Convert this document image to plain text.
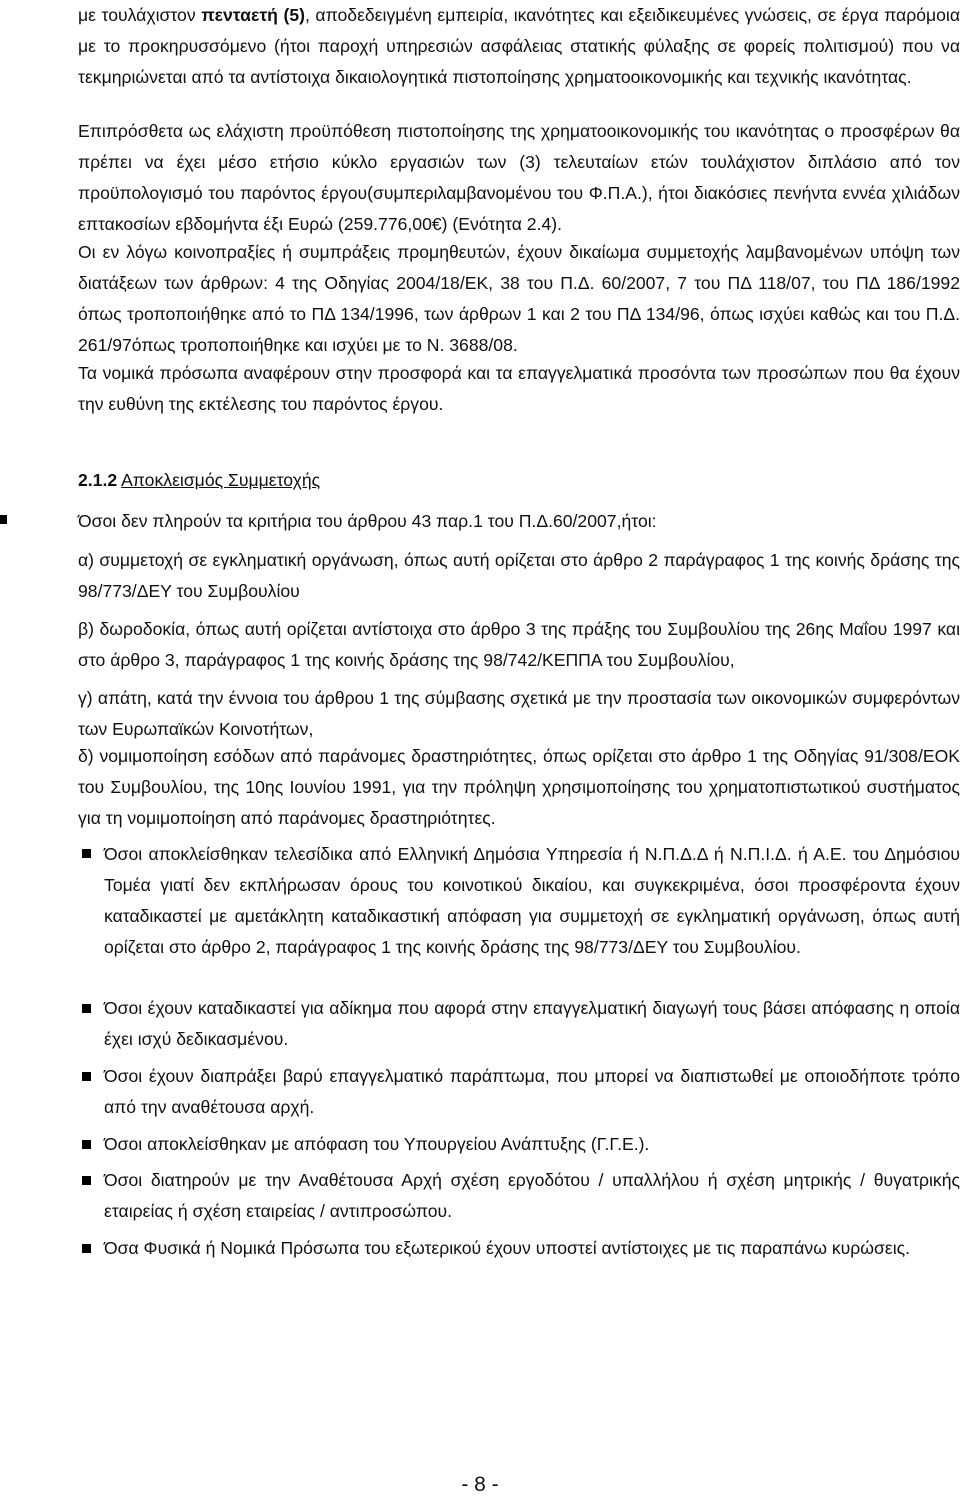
με τουλάχιστον πενταετή (5), αποδεδειγμένη εμπειρία, ικανότητες και εξειδικευμένες γνώσεις, σε έργα παρόμοια με το προκηρυσσόμενο (ήτοι παροχή υπηρεσιών ασφάλειας στατικής φύλαξης σε φορείς πολιτισμού) που να τεκμηριώνεται από τα αντίστοιχα δικαιολογητικά πιστοποίησης χρηματοοικονομικής και τεχνικής ικανότητας.

Επιπρόσθετα ως ελάχιστη προϋπόθεση πιστοποίησης της χρηματοοικονομικής του ικανότητας ο προσφέρων θα πρέπει να έχει μέσο ετήσιο κύκλο εργασιών των (3) τελευταίων ετών τουλάχιστον διπλάσιο από τον προϋπολογισμό του παρόντος έργου(συμπεριλαμβανομένου του Φ.Π.Α.), ήτοι διακόσιες πενήντα εννέα χιλιάδων επτακοσίων εβδομήντα έξι Ευρώ (259.776,00€) (Ενότητα 2.4).

Οι εν λόγω κοινοπραξίες ή συμπράξεις προμηθευτών, έχουν δικαίωμα συμμετοχής λαμβανομένων υπόψη των διατάξεων των άρθρων: 4 της Οδηγίας 2004/18/ΕΚ, 38 του Π.Δ. 60/2007, 7 του ΠΔ 118/07, του ΠΔ 186/1992 όπως τροποποιήθηκε από το ΠΔ 134/1996, των άρθρων 1 και 2 του ΠΔ 134/96, όπως ισχύει καθώς και του Π.Δ. 261/97όπως τροποποιήθηκε και ισχύει με το Ν. 3688/08.

Τα νομικά πρόσωπα αναφέρουν στην προσφορά και τα επαγγελματικά προσόντα των προσώπων που θα έχουν την ευθύνη της εκτέλεσης του παρόντος έργου.

2.1.2 Αποκλεισμός Συμμετοχής

Όσοι δεν πληρούν τα κριτήρια του άρθρου 43 παρ.1 του Π.Δ.60/2007,ήτοι:

α) συμμετοχή σε εγκληματική οργάνωση, όπως αυτή ορίζεται στο άρθρο 2 παράγραφος 1 της κοινής δράσης της 98/773/ΔΕΥ του Συμβουλίου

β) δωροδοκία, όπως αυτή ορίζεται αντίστοιχα στο άρθρο 3 της πράξης του Συμβουλίου της 26ης Μαΐου 1997 και στο άρθρο 3, παράγραφος 1 της κοινής δράσης της 98/742/ΚΕΠΠΑ του Συμβουλίου,

γ) απάτη, κατά την έννοια του άρθρου 1 της σύμβασης σχετικά με την προστασία των οικονομικών συμφερόντων των Ευρωπαϊκών Κοινοτήτων,

δ) νομιμοποίηση εσόδων από παράνομες δραστηριότητες, όπως ορίζεται στο άρθρο 1 της Οδηγίας 91/308/ΕΟΚ του Συμβουλίου, της 10ης Ιουνίου 1991, για την πρόληψη χρησιμοποίησης του χρηματοπιστωτικού συστήματος για τη νομιμοποίηση από παράνομες δραστηριότητες.

Όσοι αποκλείσθηκαν τελεσίδικα από Ελληνική Δημόσια Υπηρεσία ή Ν.Π.Δ.Δ ή Ν.Π.Ι.Δ. ή Α.Ε. του Δημόσιου Τομέα γιατί δεν εκπλήρωσαν όρους του κοινοτικού δικαίου, και συγκεκριμένα, όσοι προσφέροντα έχουν καταδικαστεί με αμετάκλητη καταδικαστική απόφαση για συμμετοχή σε εγκληματική οργάνωση, όπως αυτή ορίζεται στο άρθρο 2, παράγραφος 1 της κοινής δράσης της 98/773/ΔΕΥ του Συμβουλίου.

Όσοι έχουν καταδικαστεί για αδίκημα που αφορά στην επαγγελματική διαγωγή τους βάσει απόφασης η οποία έχει ισχύ δεδικασμένου.

Όσοι έχουν διαπράξει βαρύ επαγγελματικό παράπτωμα, που μπορεί να διαπιστωθεί με οποιοδήποτε τρόπο από την αναθέτουσα αρχή.

Όσοι αποκλείσθηκαν με απόφαση του Υπουργείου Ανάπτυξης (Γ.Γ.Ε.).

Όσοι διατηρούν με την Αναθέτουσα Αρχή σχέση εργοδότου / υπαλλήλου ή σχέση μητρικής / θυγατρικής εταιρείας ή σχέση εταιρείας / αντιπροσώπου.

Όσα Φυσικά ή Νομικά Πρόσωπα του εξωτερικού έχουν υποστεί αντίστοιχες με τις παραπάνω κυρώσεις.

- 8 -
